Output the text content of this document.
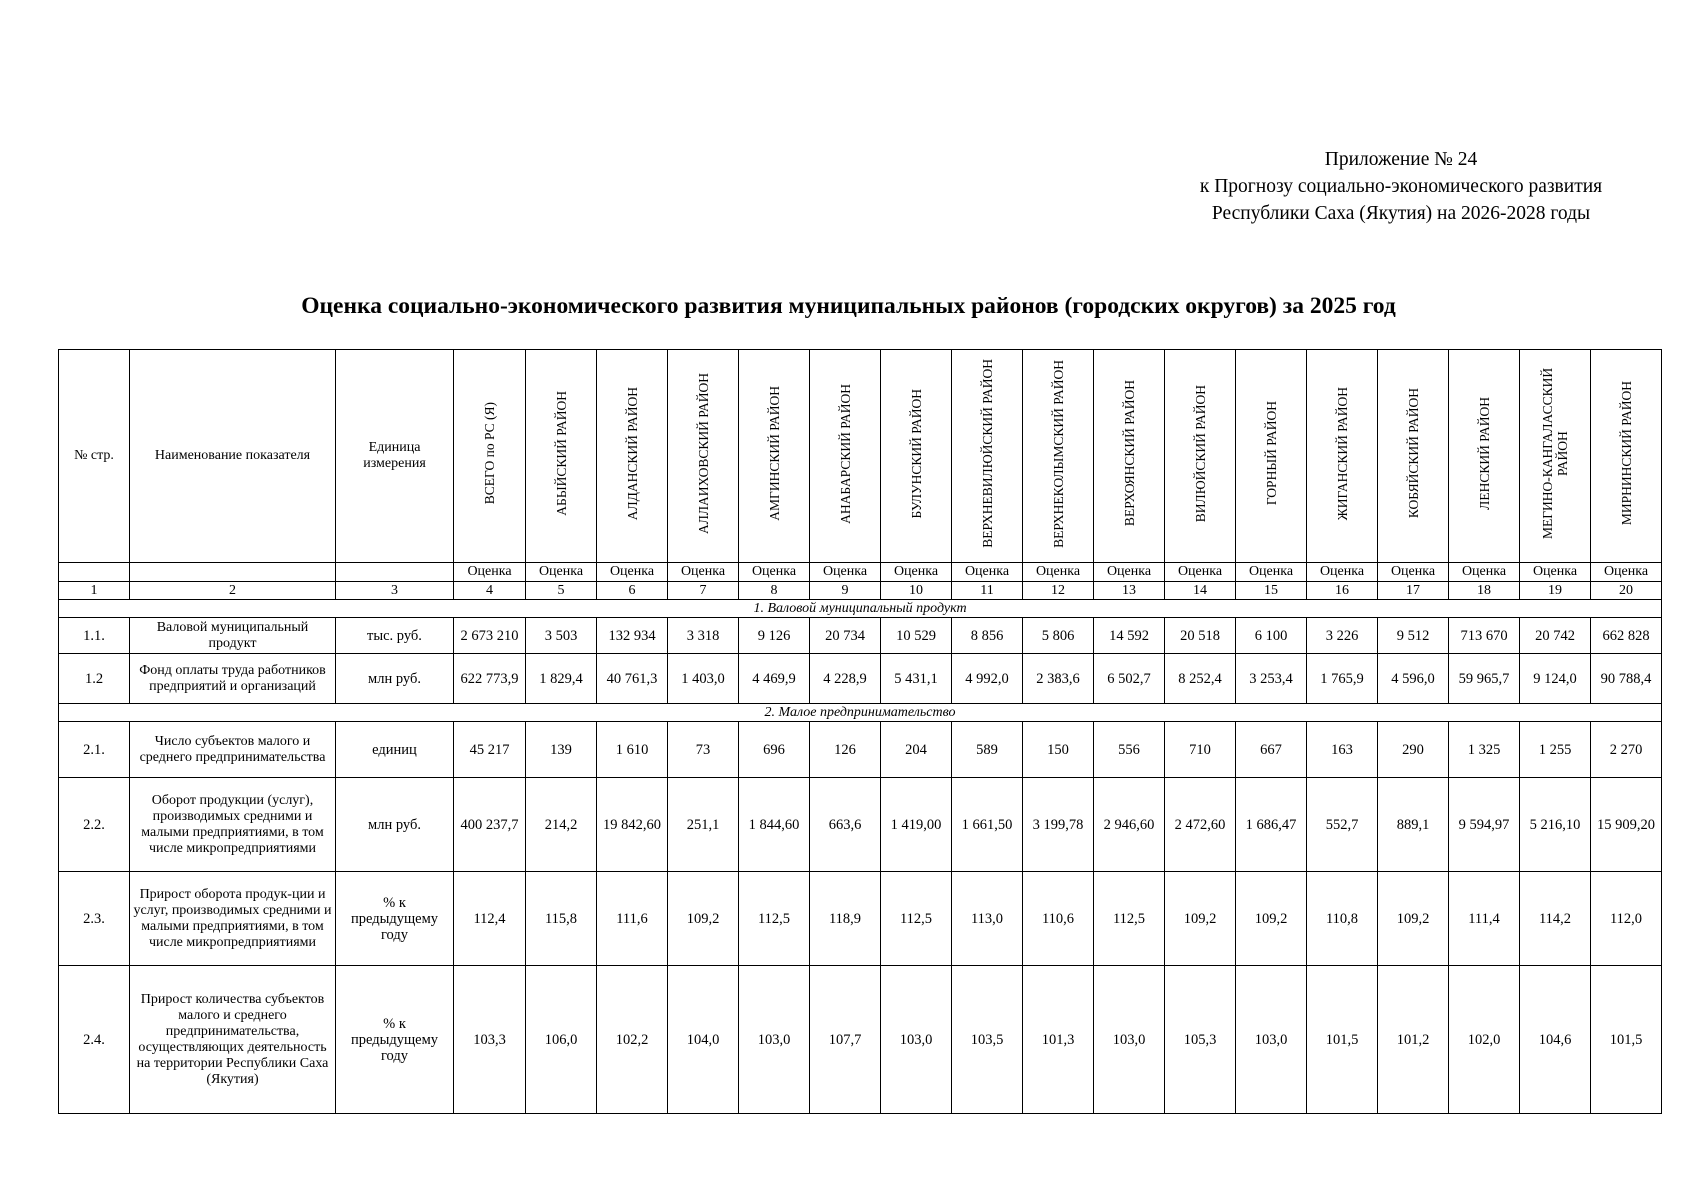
Приложение № 24
к Прогнозу социально-экономического развития
Республики Саха (Якутия) на 2026-2028 годы
Оценка социально-экономического развития муниципальных районов (городских округов) за 2025 год
№ стр.	Наименование показателя	Единица измерения	ВСЕГО по РС (Я)	АБЫЙСКИЙ РАЙОН	АЛДАНСКИЙ РАЙОН	АЛЛАИХОВСКИЙ РАЙОН	АМГИНСКИЙ РАЙОН	АНАБАРСКИЙ РАЙОН	БУЛУНСКИЙ РАЙОН	ВЕРХНЕВИЛЮЙСКИЙ РАЙОН	ВЕРХНЕКОЛЫМСКИЙ РАЙОН	ВЕРХОЯНСКИЙ РАЙОН	ВИЛЮЙСКИЙ РАЙОН	ГОРНЫЙ РАЙОН	ЖИГАНСКИЙ РАЙОН	КОБЯЙСКИЙ РАЙОН	ЛЕНСКИЙ РАЙОН	МЕГИНО-КАНГАЛАССКИЙ РАЙОН	МИРНИНСКИЙ РАЙОН
			Оценка	Оценка	Оценка	Оценка	Оценка	Оценка	Оценка	Оценка	Оценка	Оценка	Оценка	Оценка	Оценка	Оценка	Оценка	Оценка	Оценка
1	2	3	4	5	6	7	8	9	10	11	12	13	14	15	16	17	18	19	20
1. Валовой муниципальный продукт																			
1.1.	Валовой муниципальный продукт	тыс. руб.	2 673 210	3 503	132 934	3 318	9 126	20 734	10 529	8 856	5 806	14 592	20 518	6 100	3 226	9 512	713 670	20 742	662 828
1.2	Фонд оплаты труда работников предприятий и организаций	млн руб.	622 773,9	1 829,4	40 761,3	1 403,0	4 469,9	4 228,9	5 431,1	4 992,0	2 383,6	6 502,7	8 252,4	3 253,4	1 765,9	4 596,0	59 965,7	9 124,0	90 788,4
2. Малое предпринимательство																			
2.1.	Число субъектов малого и среднего предпринимательства	единиц	45 217	139	1 610	73	696	126	204	589	150	556	710	667	163	290	1 325	1 255	2 270
2.2.	Оборот продукции (услуг), производимых средними и малыми предприятиями, в том числе микропредприятиями	млн руб.	400 237,7	214,2	19 842,60	251,1	1 844,60	663,6	1 419,00	1 661,50	3 199,78	2 946,60	2 472,60	1 686,47	552,7	889,1	9 594,97	5 216,10	15 909,20
2.3.	Прирост оборота продук-ции и услуг, производимых средними и малыми предприятиями, в том числе микропредприятиями	% к предыдущему году	112,4	115,8	111,6	109,2	112,5	118,9	112,5	113,0	110,6	112,5	109,2	109,2	110,8	109,2	111,4	114,2	112,0
2.4.	Прирост количества субъектов малого и среднего предпринимательства, осуществляющих деятельность на территории Республики Саха (Якутия)	% к предыдущему году	103,3	106,0	102,2	104,0	103,0	107,7	103,0	103,5	101,3	103,0	105,3	103,0	101,5	101,2	102,0	104,6	101,5
